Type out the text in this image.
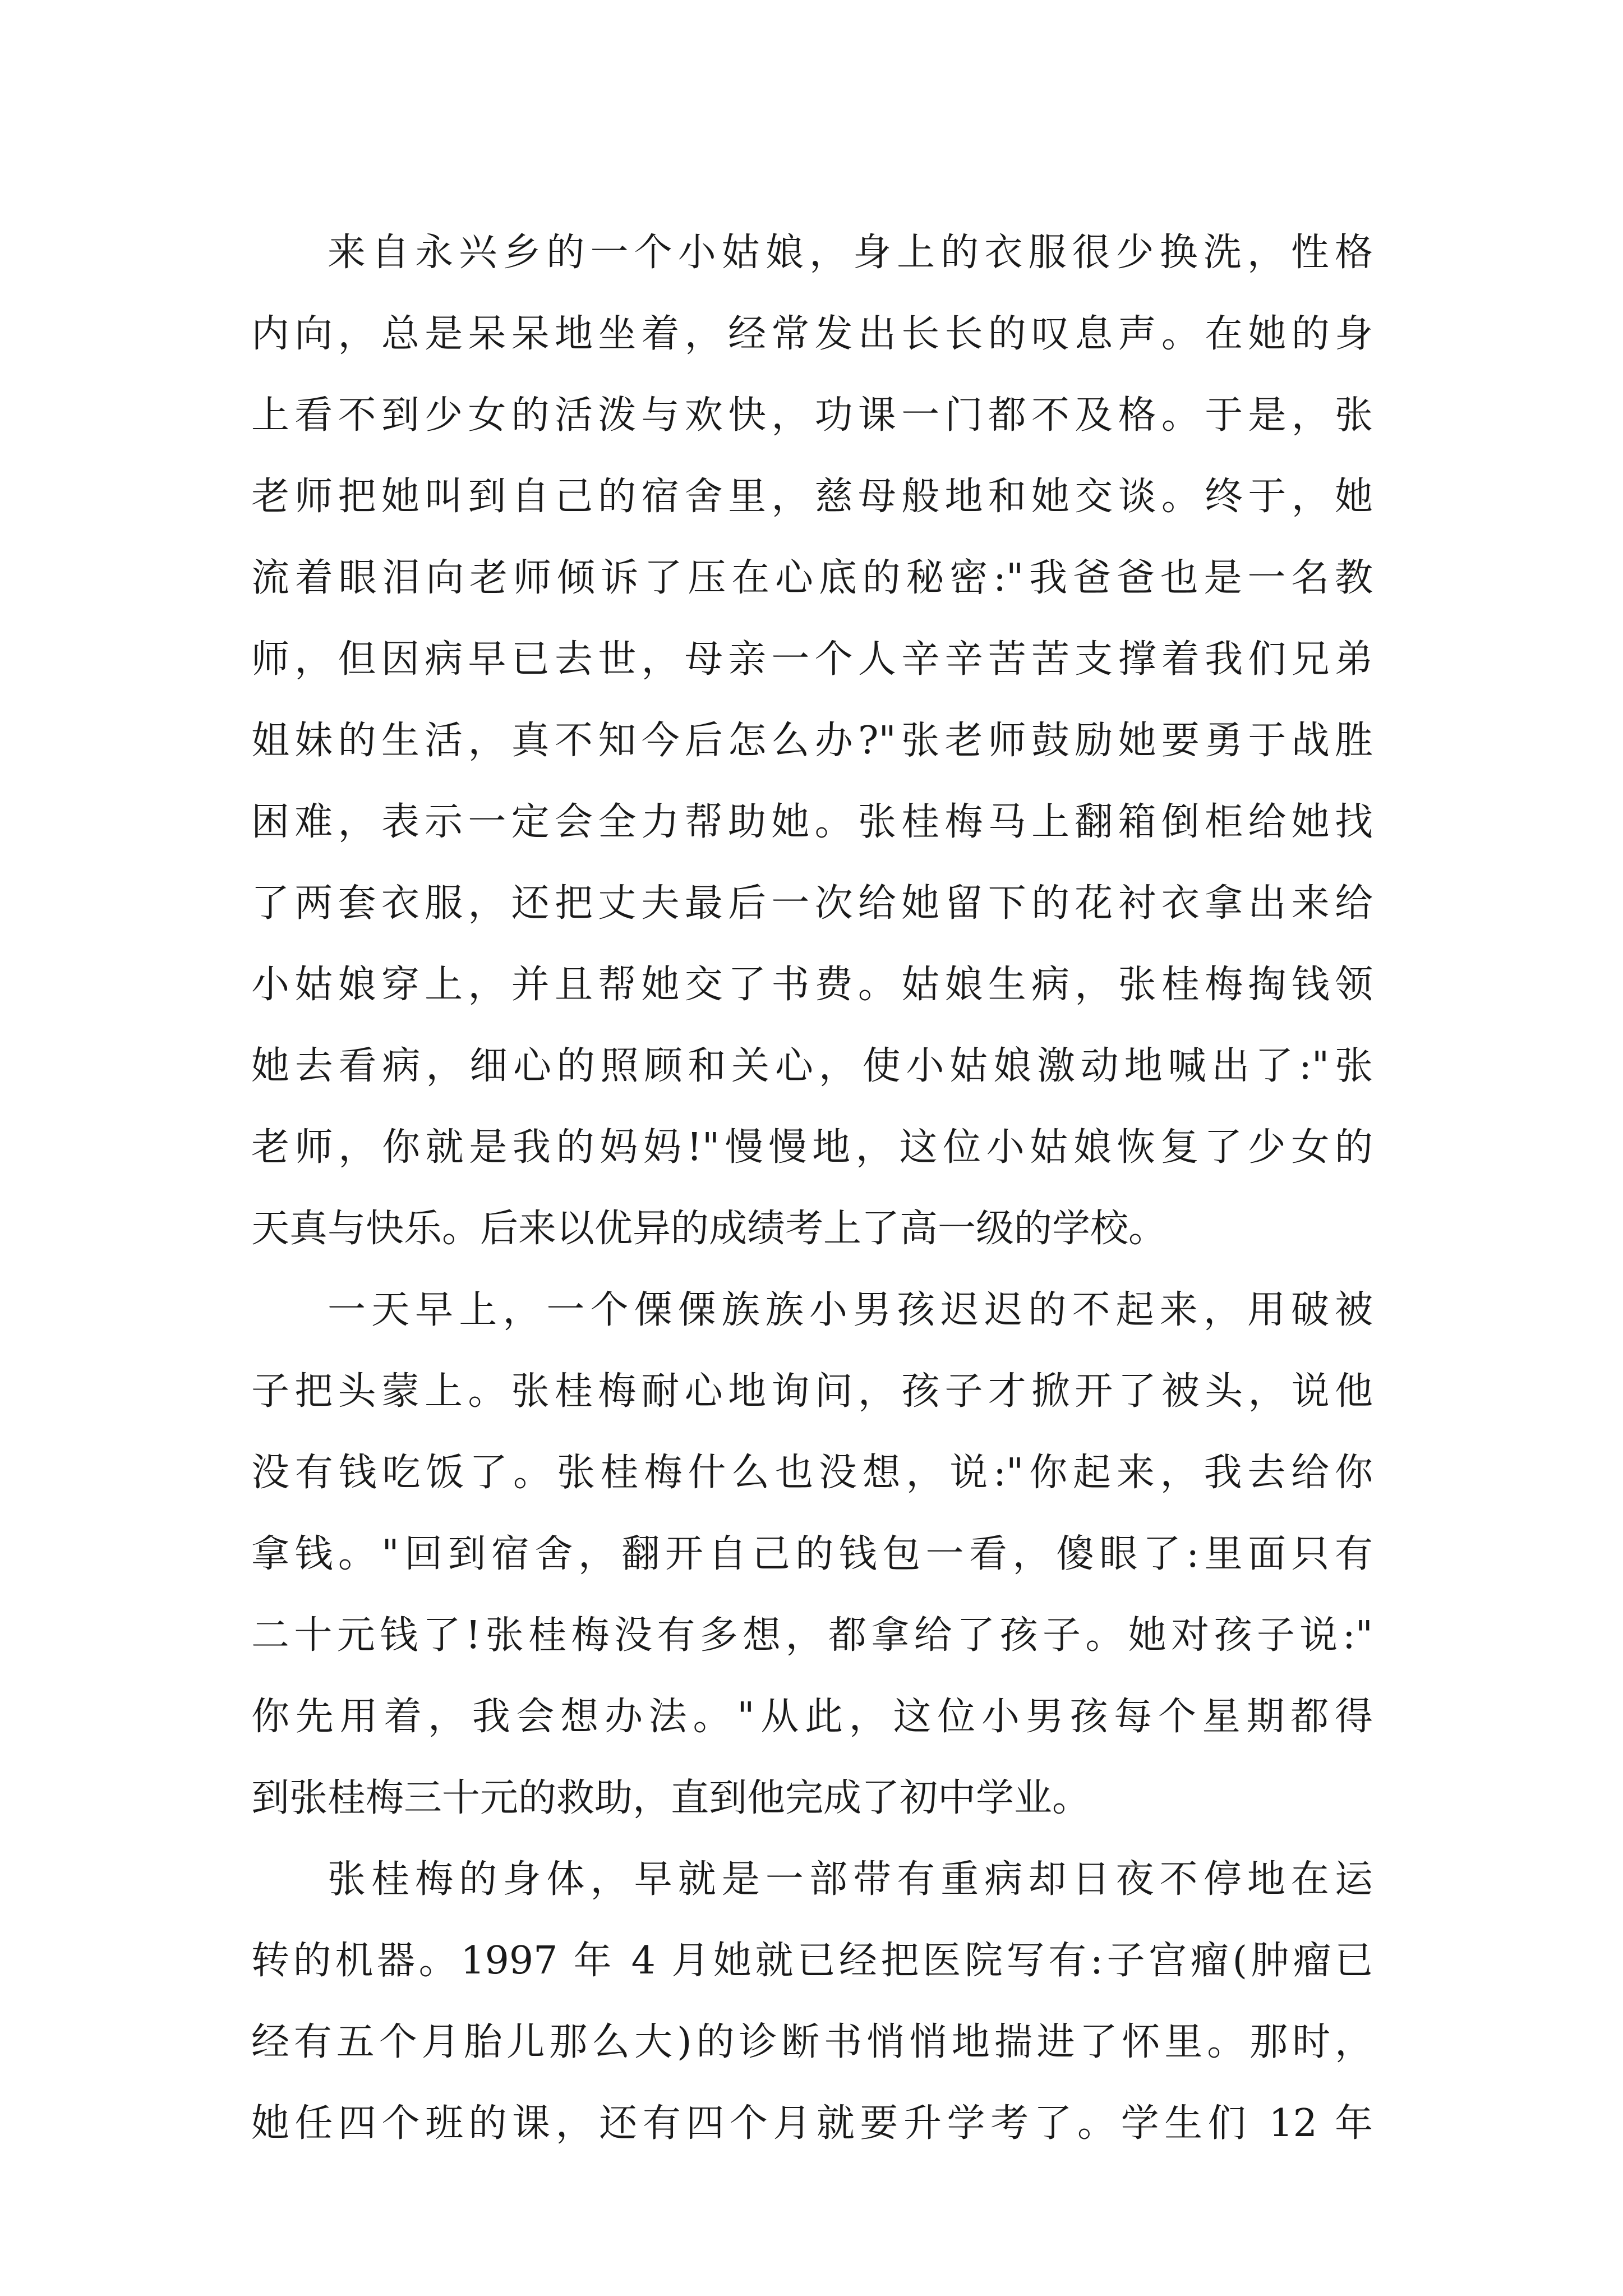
来自永兴乡的一个小姑娘，身上的衣服很少换洗，性格
内向，总是呆呆地坐着，经常发出长长的叹息声。在她的身
上看不到少女的活泼与欢快，功课一门都不及格。于是，张
老师把她叫到自己的宿舍里，慈母般地和她交谈。终于，她
流着眼泪向老师倾诉了压在心底的秘密:"我爸爸也是一名教
师，但因病早已去世，母亲一个人辛辛苦苦支撑着我们兄弟
姐妹的生活，真不知今后怎么办?"张老师鼓励她要勇于战胜
困难，表示一定会全力帮助她。张桂梅马上翻箱倒柜给她找
了两套衣服，还把丈夫最后一次给她留下的花衬衣拿出来给
小姑娘穿上，并且帮她交了书费。姑娘生病，张桂梅掏钱领
她去看病，细心的照顾和关心，使小姑娘激动地喊出了:"张
老师，你就是我的妈妈!"慢慢地，这位小姑娘恢复了少女的
天真与快乐。后来以优异的成绩考上了高一级的学校。

一天早上，一个傈傈族族小男孩迟迟的不起来，用破被
子把头蒙上。张桂梅耐心地询问，孩子才掀开了被头，说他
没有钱吃饭了。张桂梅什么也没想，说:"你起来，我去给你
拿钱。"回到宿舍，翻开自己的钱包一看，傻眼了:里面只有
二十元钱了!张桂梅没有多想，都拿给了孩子。她对孩子说:"
你先用着，我会想办法。"从此，这位小男孩每个星期都得
到张桂梅三十元的救助，直到他完成了初中学业。

张桂梅的身体，早就是一部带有重病却日夜不停地在运
转的机器。1997 年 4 月她就已经把医院写有:子宫瘤(肿瘤已
经有五个月胎儿那么大)的诊断书悄悄地揣进了怀里。那时，
她任四个班的课，还有四个月就要升学考了。学生们 12 年
